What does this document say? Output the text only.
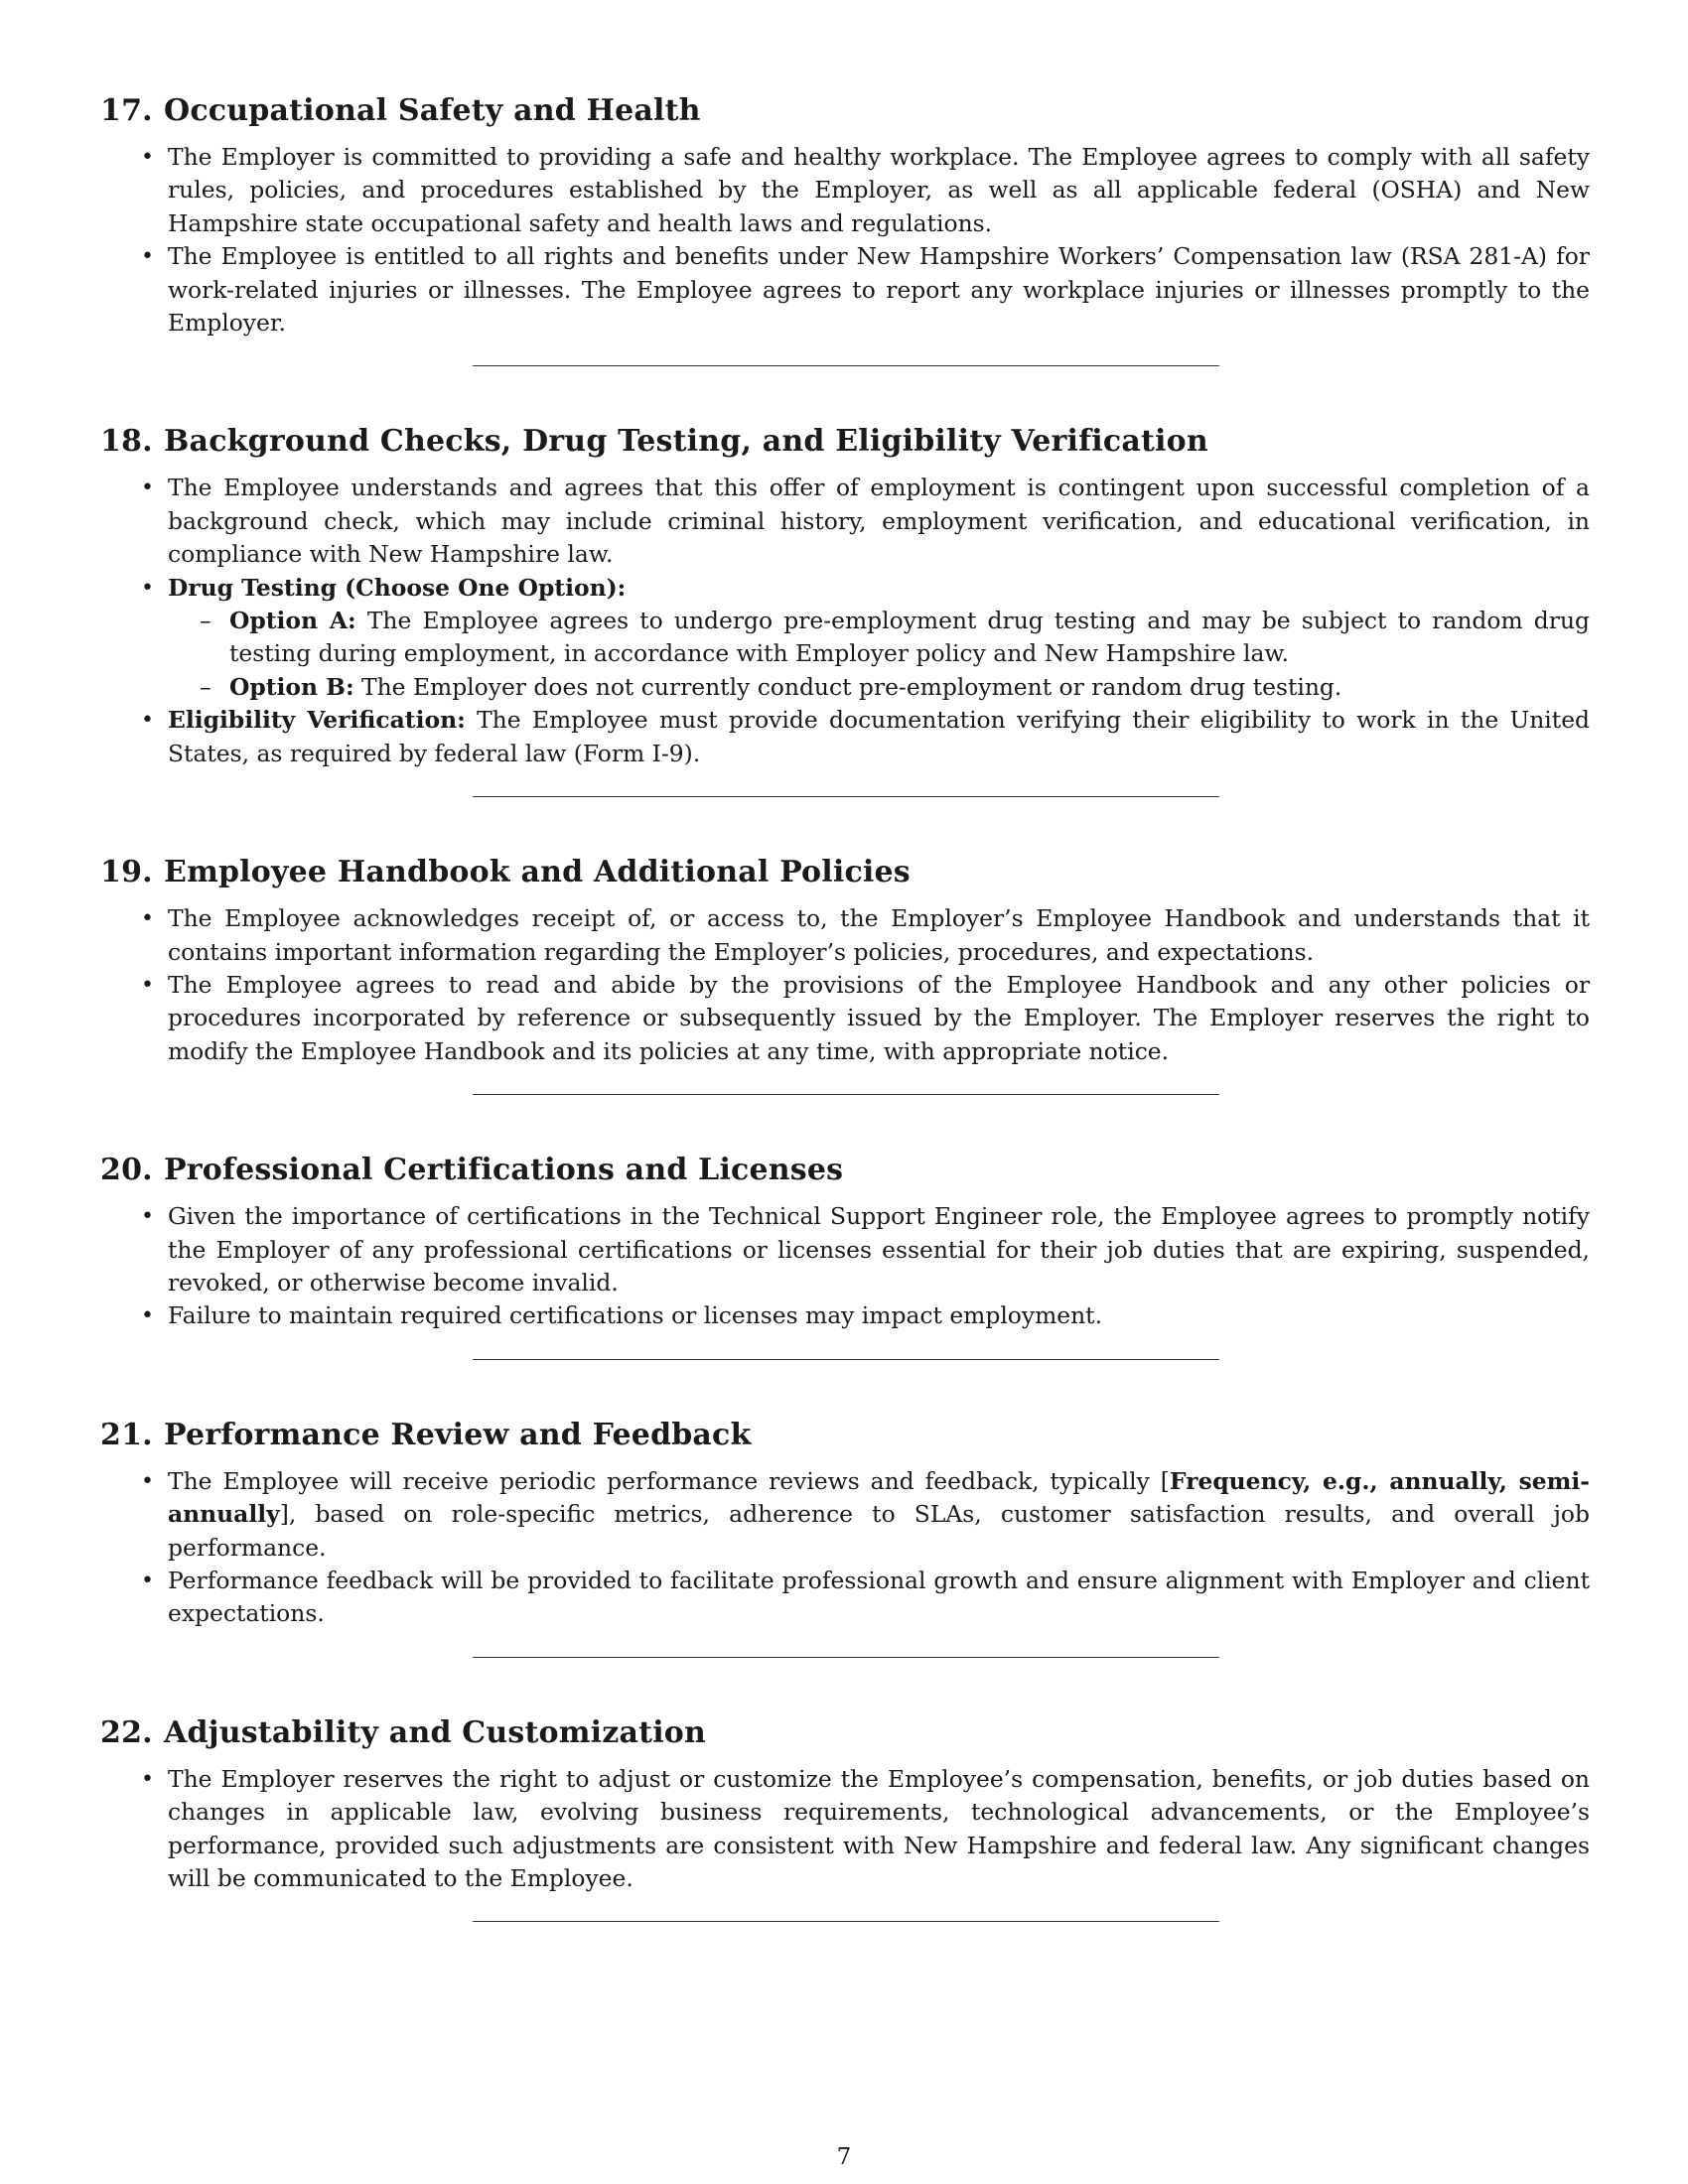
17. Occupational Safety and Health
• The Employer is committed to providing a safe and healthy workplace. The Employee agrees to comply with all safety rules, policies, and procedures established by the Employer, as well as all applicable federal (OSHA) and New Hampshire state occupational safety and health laws and regulations.
• The Employee is entitled to all rights and benefits under New Hampshire Workers’ Compensation law (RSA 281-A) for work-related injuries or illnesses. The Employee agrees to report any workplace injuries or illnesses promptly to the Employer.
18. Background Checks, Drug Testing, and Eligibility Verification
• The Employee understands and agrees that this offer of employment is contingent upon successful completion of a background check, which may include criminal history, employment verification, and educational verification, in compliance with New Hampshire law.
• Drug Testing (Choose One Option):
– Option A: The Employee agrees to undergo pre-employment drug testing and may be subject to random drug testing during employment, in accordance with Employer policy and New Hampshire law.
– Option B: The Employer does not currently conduct pre-employment or random drug testing.
• Eligibility Verification: The Employee must provide documentation verifying their eligibility to work in the United States, as required by federal law (Form I-9).
19. Employee Handbook and Additional Policies
• The Employee acknowledges receipt of, or access to, the Employer’s Employee Handbook and understands that it contains important information regarding the Employer’s policies, procedures, and expectations.
• The Employee agrees to read and abide by the provisions of the Employee Handbook and any other policies or procedures incorporated by reference or subsequently issued by the Employer. The Employer reserves the right to modify the Employee Handbook and its policies at any time, with appropriate notice.
20. Professional Certifications and Licenses
• Given the importance of certifications in the Technical Support Engineer role, the Employee agrees to promptly notify the Employer of any professional certifications or licenses essential for their job duties that are expiring, suspended, revoked, or otherwise become invalid.
• Failure to maintain required certifications or licenses may impact employment.
21. Performance Review and Feedback
• The Employee will receive periodic performance reviews and feedback, typically [Frequency, e.g., annually, semi-annually], based on role-specific metrics, adherence to SLAs, customer satisfaction results, and overall job performance.
• Performance feedback will be provided to facilitate professional growth and ensure alignment with Employer and client expectations.
22. Adjustability and Customization
• The Employer reserves the right to adjust or customize the Employee’s compensation, benefits, or job duties based on changes in applicable law, evolving business requirements, technological advancements, or the Employee’s performance, provided such adjustments are consistent with New Hampshire and federal law. Any significant changes will be communicated to the Employee.
7
